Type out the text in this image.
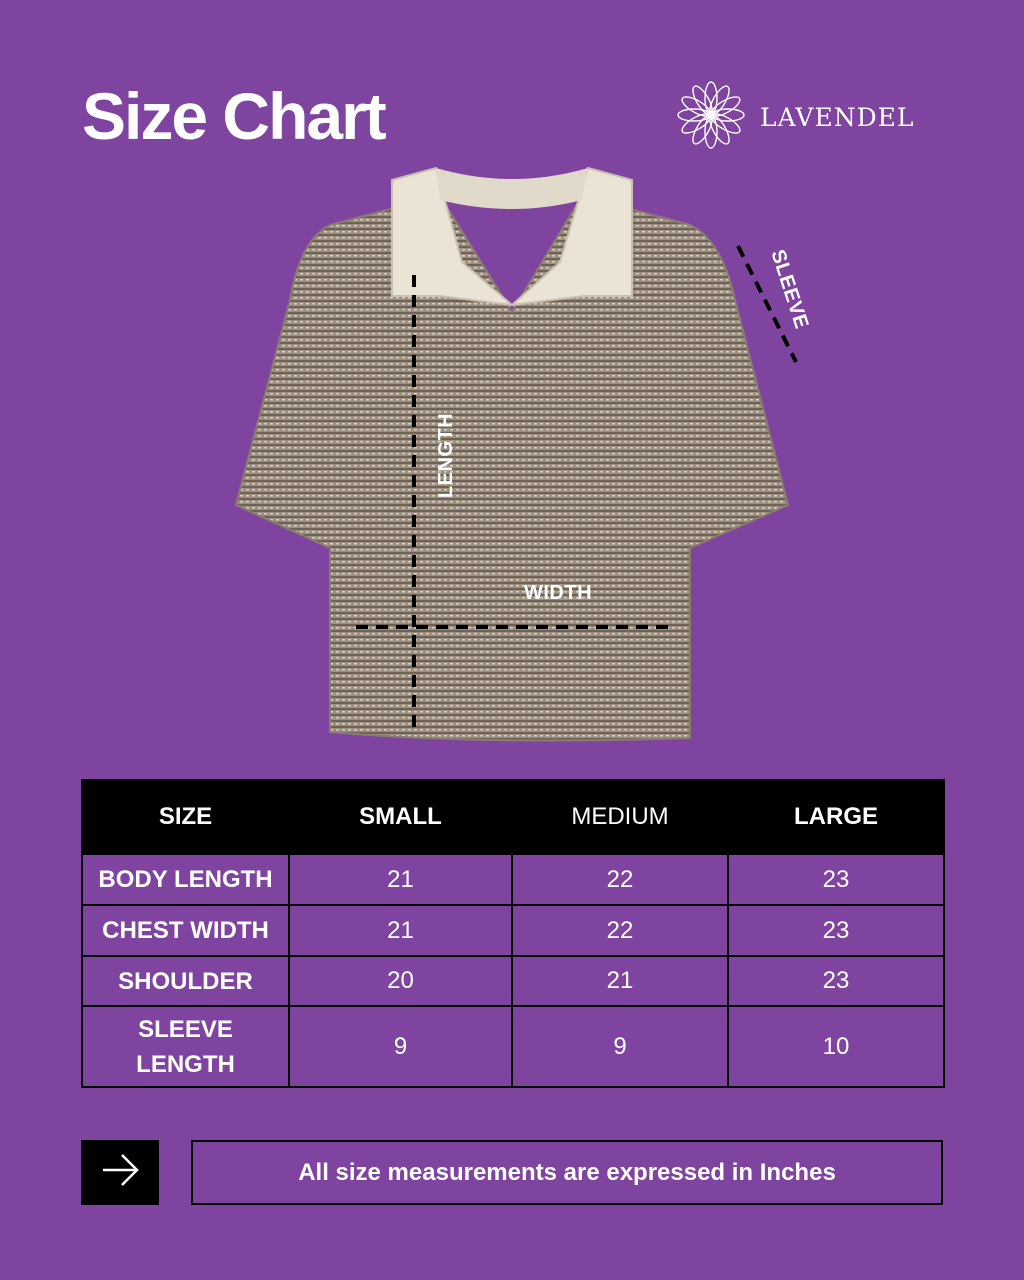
Size Chart	LAVENDEL
LENGTH
WIDTH
SLEEVE
SIZE	SMALL	MEDIUM	LARGE
BODY LENGTH	21	22	23
CHEST WIDTH	21	22	23
SHOULDER	20	21	23
SLEEVE
LENGTH	9	9	10
All size measurements are expressed in Inches
